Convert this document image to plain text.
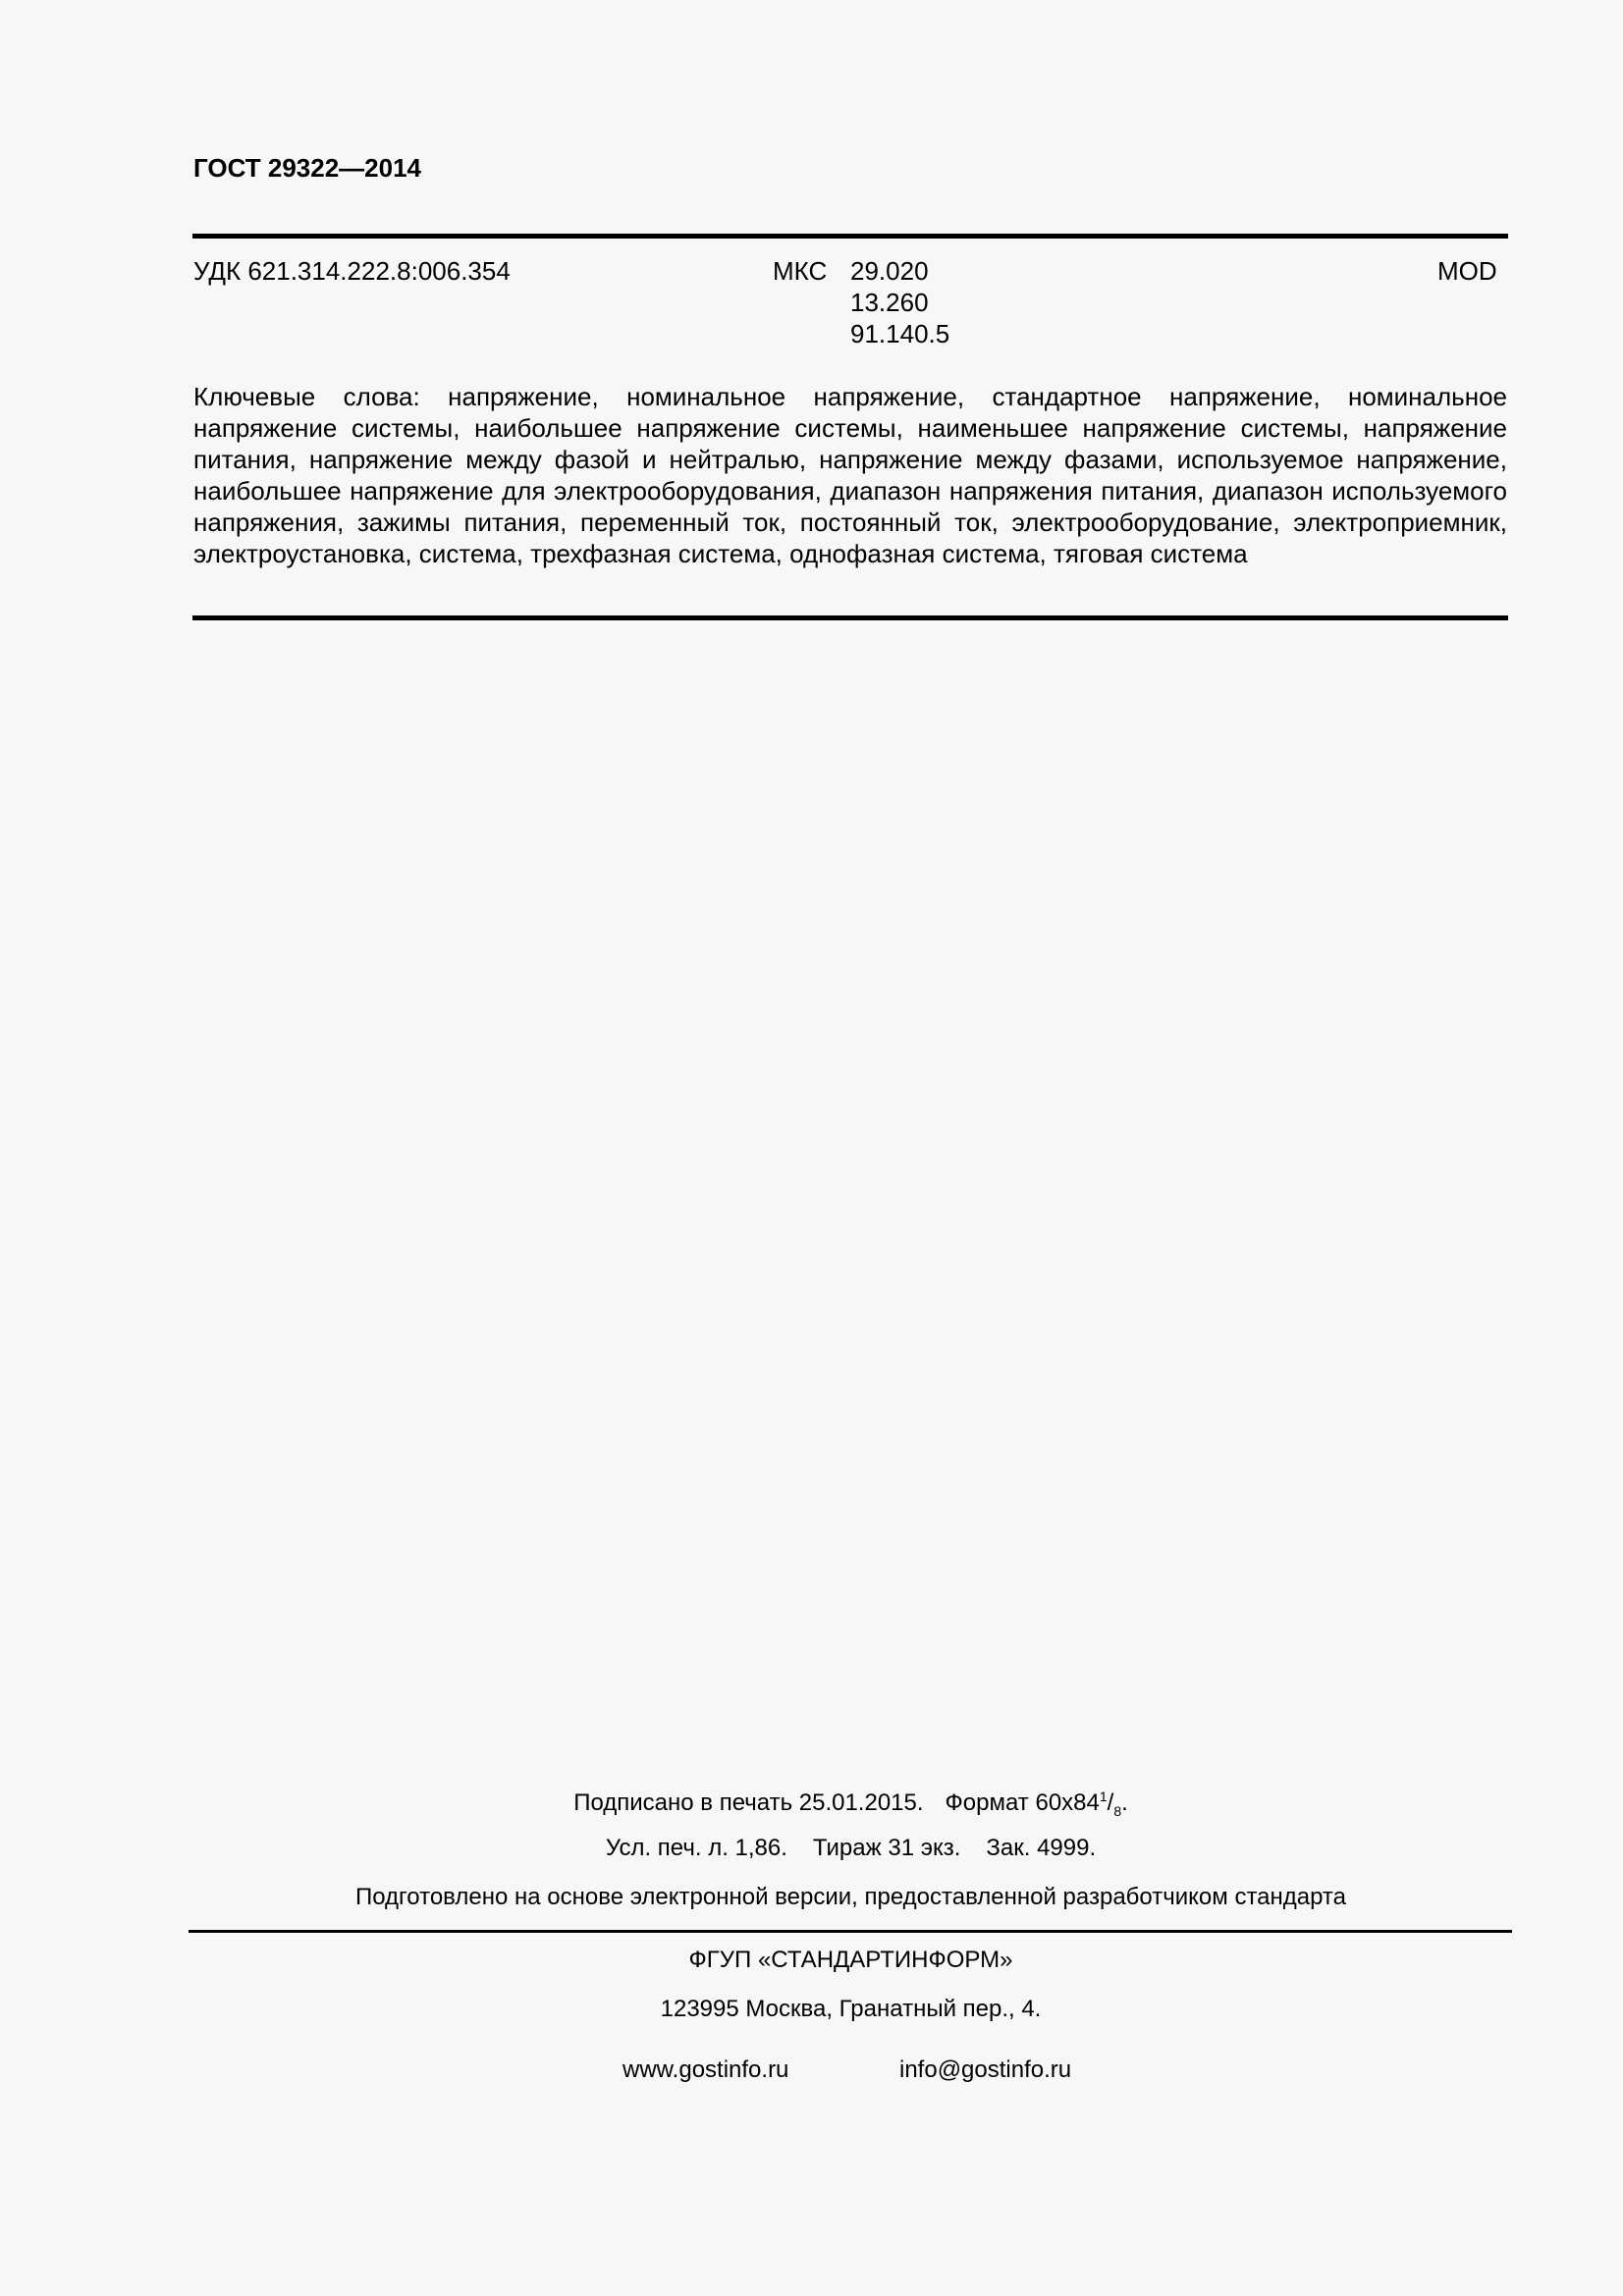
ГОСТ 29322—2014
УДК 621.314.222.8:006.354	МКС 29.020
13.260
91.140.5
MOD
Ключевые слова: напряжение, номинальное напряжение, стандартное напряжение, номинальное напряжение системы, наибольшее напряжение системы, наименьшее напряжение системы, напряжение питания, напряжение между фазой и нейтралью, напряжение между фазами, используемое напряжение, наибольшее напряжение для электрооборудования, диапазон напряжения питания, диапазон используемого напряжения, зажимы питания, переменный ток, постоянный ток, электрооборудование, электроприемник, электроустановка, система, трехфазная система, однофазная система, тяговая система
Подписано в печать 25.01.2015. Формат $60х84^1/_8$.
Усл. печ. л. 1,86. Тираж 31 экз. Зак. 4999.
Подготовлено на основе электронной версии, предоставленной разработчиком стандарта
ФГУП «СТАНДАРТИНФОРМ»
123995 Москва, Гранатный пер., 4.
www.gostinfo.ru	info@gostinfo.ru
